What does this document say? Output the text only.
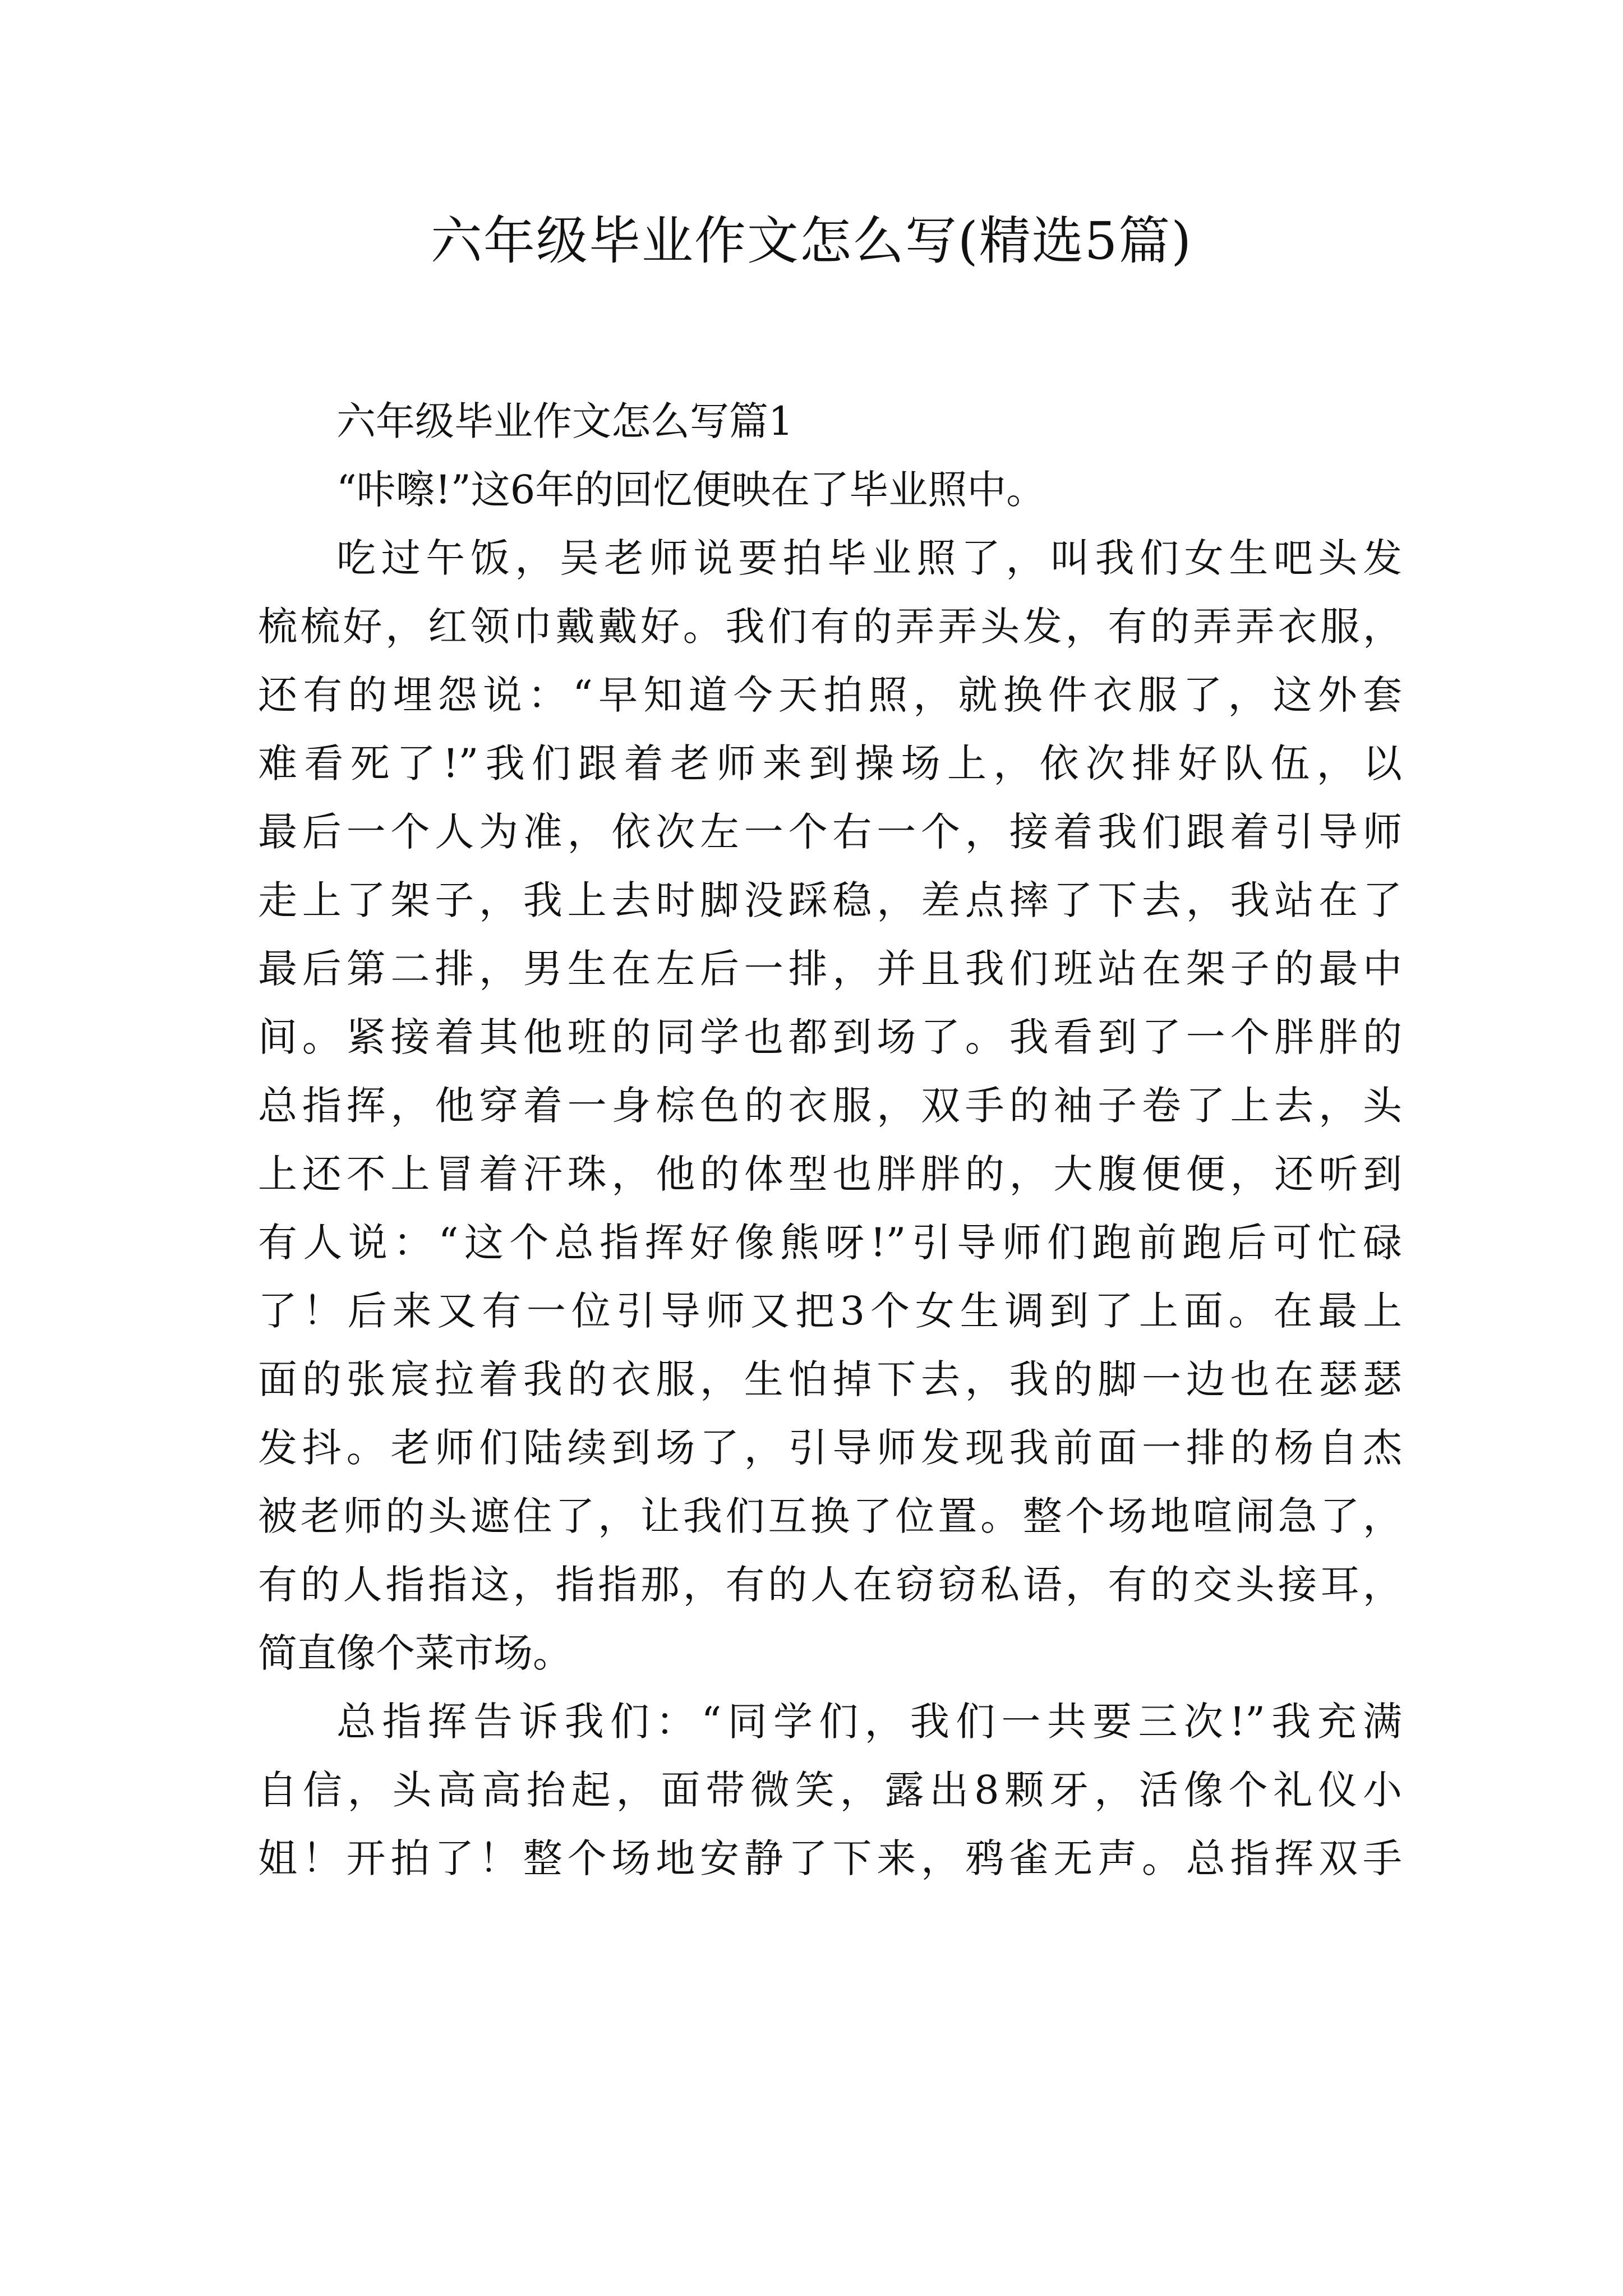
六年级毕业作文怎么写(精选5篇)
六年级毕业作文怎么写篇1
“咔嚓!”这6年的回忆便映在了毕业照中。
吃过午饭，吴老师说要拍毕业照了，叫我们女生吧头发
梳梳好，红领巾戴戴好。我们有的弄弄头发，有的弄弄衣服，
还有的埋怨说：“早知道今天拍照，就换件衣服了，这外套
难看死了!”我们跟着老师来到操场上，依次排好队伍，以
最后一个人为准，依次左一个右一个，接着我们跟着引导师
走上了架子，我上去时脚没踩稳，差点摔了下去，我站在了
最后第二排，男生在左后一排，并且我们班站在架子的最中
间。紧接着其他班的同学也都到场了。我看到了一个胖胖的
总指挥，他穿着一身棕色的衣服，双手的袖子卷了上去，头
上还不上冒着汗珠，他的体型也胖胖的，大腹便便，还听到
有人说：“这个总指挥好像熊呀!”引导师们跑前跑后可忙碌
了！后来又有一位引导师又把3个女生调到了上面。在最上
面的张宸拉着我的衣服，生怕掉下去，我的脚一边也在瑟瑟
发抖。老师们陆续到场了，引导师发现我前面一排的杨自杰
被老师的头遮住了，让我们互换了位置。整个场地喧闹急了，
有的人指指这，指指那，有的人在窃窃私语，有的交头接耳，
简直像个菜市场。
总指挥告诉我们：“同学们，我们一共要三次!”我充满
自信，头高高抬起，面带微笑，露出8颗牙，活像个礼仪小
姐！开拍了！整个场地安静了下来，鸦雀无声。总指挥双手
